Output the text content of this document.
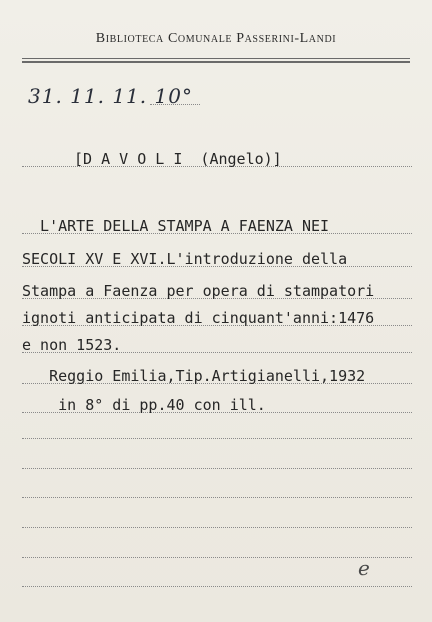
Biblioteca Comunale Passerini-Landi
31. 11. 11. 10°
[D A V O L I  (Angelo)]
L'ARTE DELLA STAMPA A FAENZA NEI
SECOLI XV E XVI.L'introduzione della
Stampa a Faenza per opera di stampatori
ignoti anticipata di cinquant'anni:1476
e non 1523.
Reggio Emilia,Tip.Artigianelli,1932
in 8° di pp.40 con ill.
e
